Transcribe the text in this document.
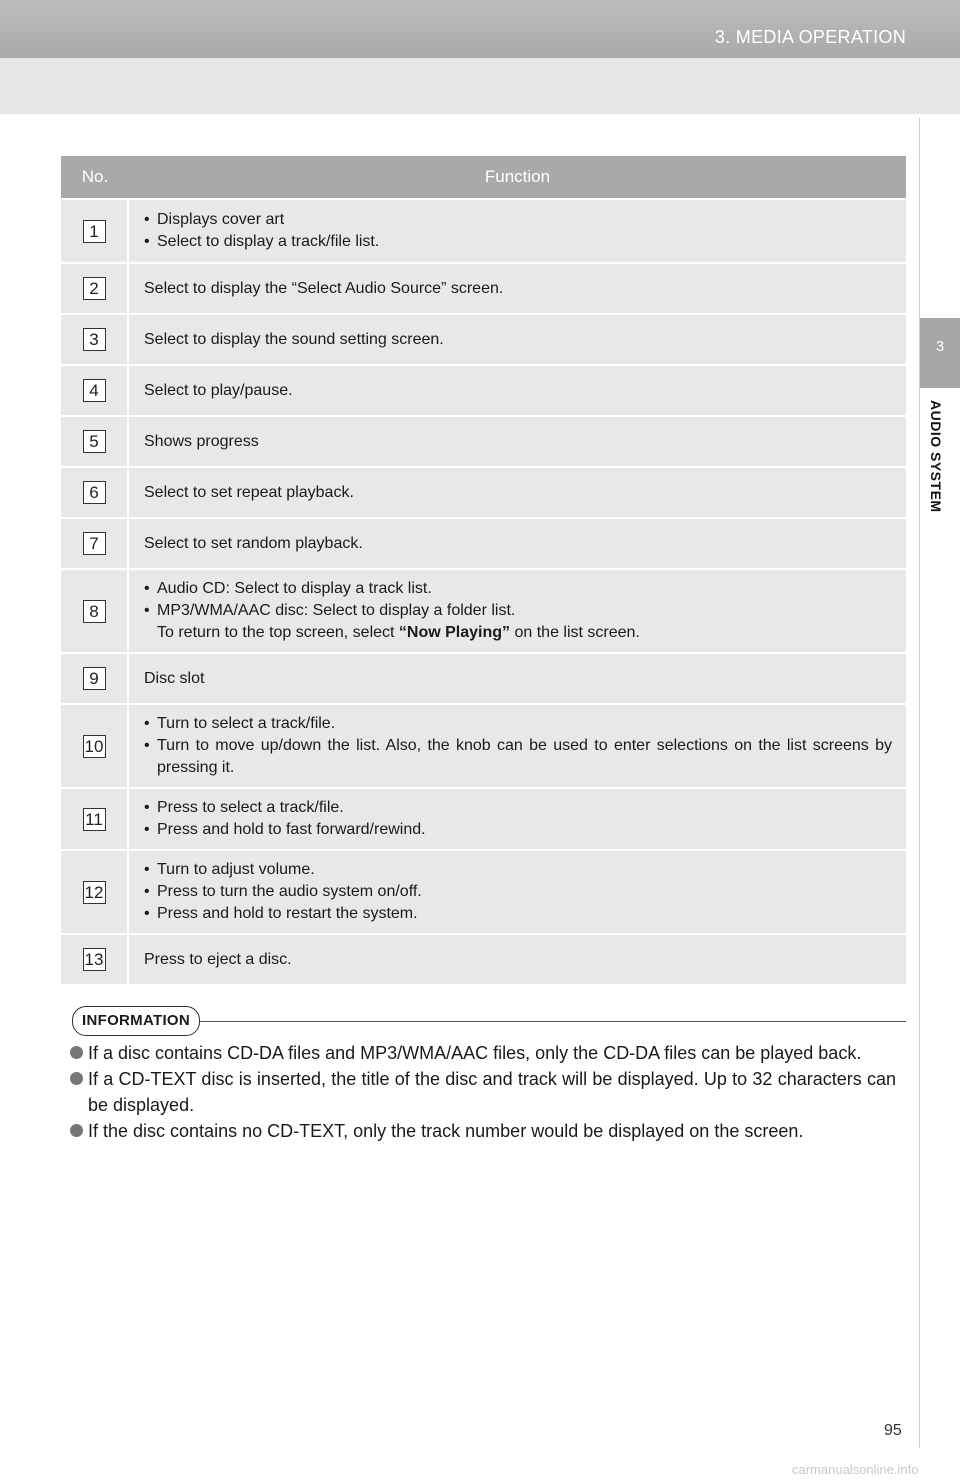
3. MEDIA OPERATION
3
AUDIO SYSTEM
No.	Function
1	• Displays cover art
• Select to display a track/file list.

2	Select to display the “Select Audio Source” screen.
3	Select to display the sound setting screen.
4	Select to play/pause.
5	Shows progress
6	Select to set repeat playback.
7	Select to set random playback.
8	• Audio CD: Select to display a track list.
• MP3/WMA/AAC disc: Select to display a folder list.
To return to the top screen, select “Now Playing” on the list screen.

9	Disc slot
10	• Turn to select a track/file.
• Turn to move up/down the list. Also, the knob can be used to enter selections on the list screens by pressing it.

11	• Press to select a track/file.
• Press and hold to fast forward/rewind.

12	• Turn to adjust volume.
• Press to turn the audio system on/off.
• Press and hold to restart the system.

13	Press to eject a disc.
INFORMATION
If a disc contains CD-DA files and MP3/WMA/AAC files, only the CD-DA files can be played back.
If a CD-TEXT disc is inserted, the title of the disc and track will be displayed. Up to 32 characters can be displayed.
If the disc contains no CD-TEXT, only the track number would be displayed on the screen.
95
carmanualsonline.info
